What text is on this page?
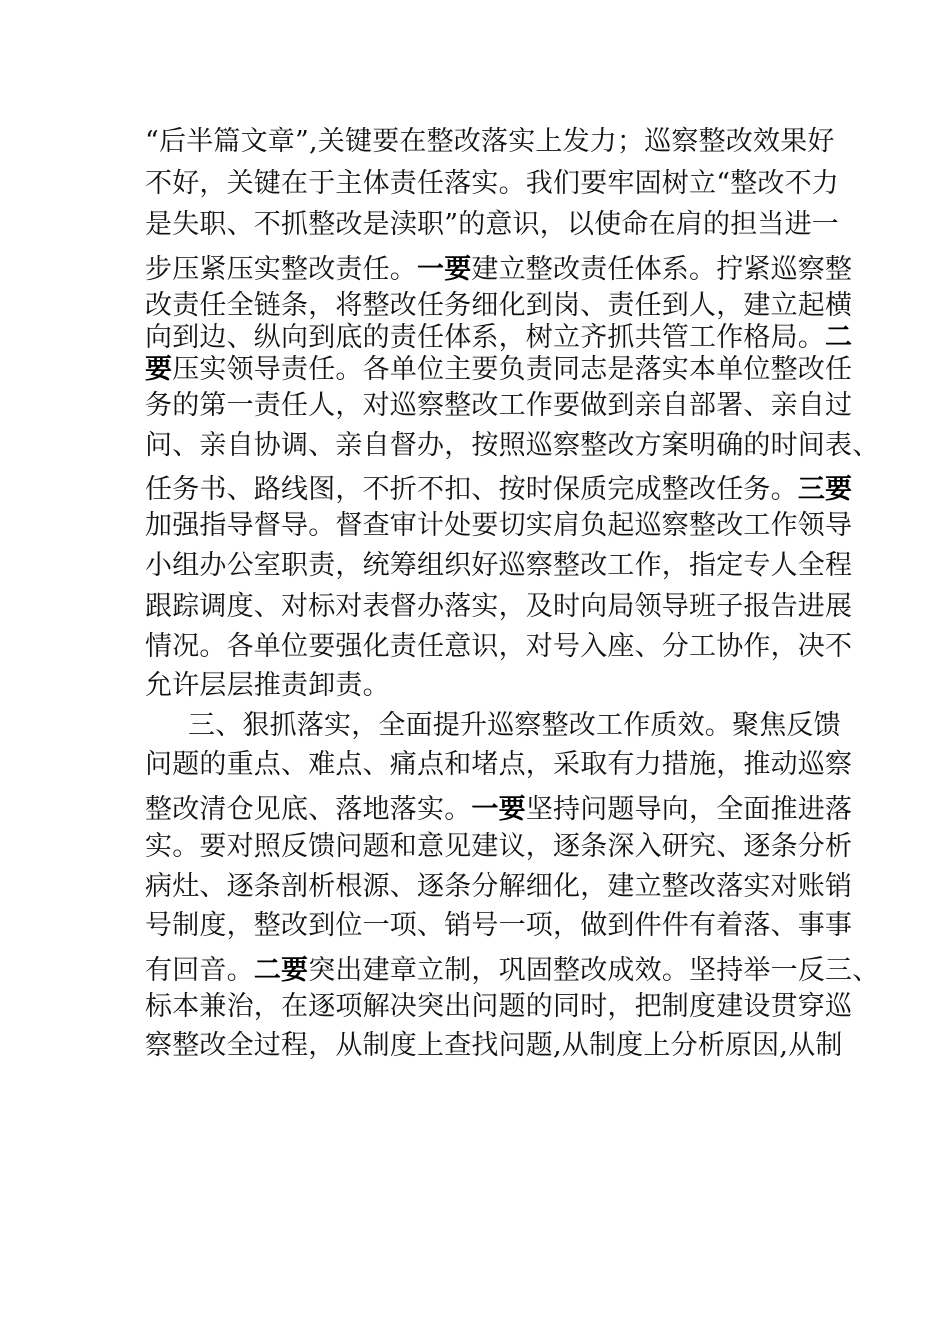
“后半篇文章”,关键要在整改落实上发力；巡察整改效果好
不好，关键在于主体责任落实。我们要牢固树立“整改不力
是失职、不抓整改是渎职”的意识，以使命在肩的担当进一
步压紧压实整改责任。一要建立整改责任体系。拧紧巡察整
改责任全链条，将整改任务细化到岗、责任到人，建立起横
向到边、纵向到底的责任体系，树立齐抓共管工作格局。二
要压实领导责任。各单位主要负责同志是落实本单位整改任
务的第一责任人，对巡察整改工作要做到亲自部署、亲自过
问、亲自协调、亲自督办，按照巡察整改方案明确的时间表、
任务书、路线图，不折不扣、按时保质完成整改任务。三要
加强指导督导。督查审计处要切实肩负起巡察整改工作领导
小组办公室职责，统筹组织好巡察整改工作，指定专人全程
跟踪调度、对标对表督办落实，及时向局领导班子报告进展
情况。各单位要强化责任意识，对号入座、分工协作，决不
允许层层推责卸责。
三、狠抓落实，全面提升巡察整改工作质效。聚焦反馈
问题的重点、难点、痛点和堵点，采取有力措施，推动巡察
整改清仓见底、落地落实。一要坚持问题导向，全面推进落
实。要对照反馈问题和意见建议，逐条深入研究、逐条分析
病灶、逐条剖析根源、逐条分解细化，建立整改落实对账销
号制度，整改到位一项、销号一项，做到件件有着落、事事
有回音。二要突出建章立制，巩固整改成效。坚持举一反三、
标本兼治，在逐项解决突出问题的同时，把制度建设贯穿巡
察整改全过程，从制度上查找问题,从制度上分析原因,从制
